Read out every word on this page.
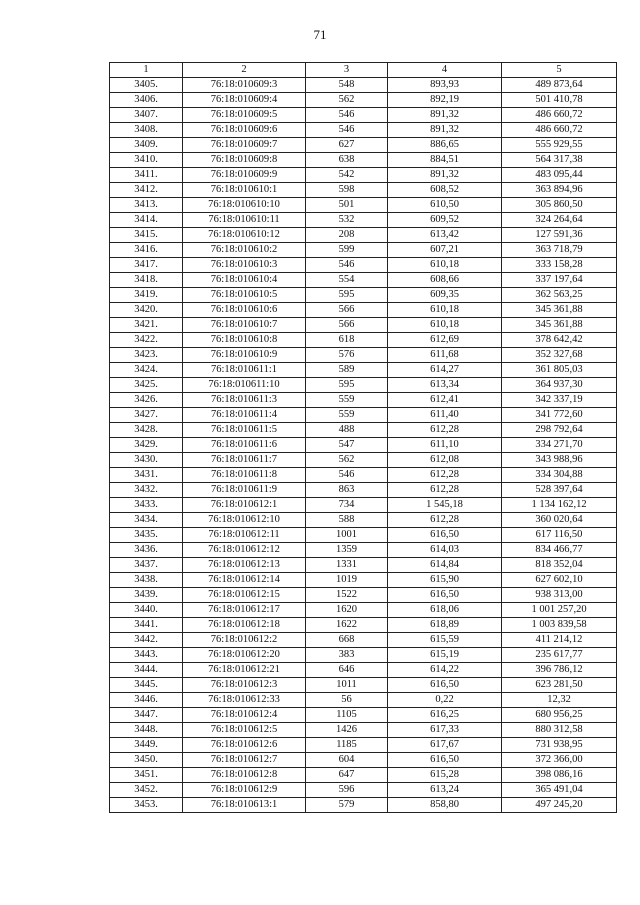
71
1	2	3	4	5
3405.	76:18:010609:3	548	893,93	489 873,64
3406.	76:18:010609:4	562	892,19	501 410,78
3407.	76:18:010609:5	546	891,32	486 660,72
3408.	76:18:010609:6	546	891,32	486 660,72
3409.	76:18:010609:7	627	886,65	555 929,55
3410.	76:18:010609:8	638	884,51	564 317,38
3411.	76:18:010609:9	542	891,32	483 095,44
3412.	76:18:010610:1	598	608,52	363 894,96
3413.	76:18:010610:10	501	610,50	305 860,50
3414.	76:18:010610:11	532	609,52	324 264,64
3415.	76:18:010610:12	208	613,42	127 591,36
3416.	76:18:010610:2	599	607,21	363 718,79
3417.	76:18:010610:3	546	610,18	333 158,28
3418.	76:18:010610:4	554	608,66	337 197,64
3419.	76:18:010610:5	595	609,35	362 563,25
3420.	76:18:010610:6	566	610,18	345 361,88
3421.	76:18:010610:7	566	610,18	345 361,88
3422.	76:18:010610:8	618	612,69	378 642,42
3423.	76:18:010610:9	576	611,68	352 327,68
3424.	76:18:010611:1	589	614,27	361 805,03
3425.	76:18:010611:10	595	613,34	364 937,30
3426.	76:18:010611:3	559	612,41	342 337,19
3427.	76:18:010611:4	559	611,40	341 772,60
3428.	76:18:010611:5	488	612,28	298 792,64
3429.	76:18:010611:6	547	611,10	334 271,70
3430.	76:18:010611:7	562	612,08	343 988,96
3431.	76:18:010611:8	546	612,28	334 304,88
3432.	76:18:010611:9	863	612,28	528 397,64
3433.	76:18:010612:1	734	1 545,18	1 134 162,12
3434.	76:18:010612:10	588	612,28	360 020,64
3435.	76:18:010612:11	1001	616,50	617 116,50
3436.	76:18:010612:12	1359	614,03	834 466,77
3437.	76:18:010612:13	1331	614,84	818 352,04
3438.	76:18:010612:14	1019	615,90	627 602,10
3439.	76:18:010612:15	1522	616,50	938 313,00
3440.	76:18:010612:17	1620	618,06	1 001 257,20
3441.	76:18:010612:18	1622	618,89	1 003 839,58
3442.	76:18:010612:2	668	615,59	411 214,12
3443.	76:18:010612:20	383	615,19	235 617,77
3444.	76:18:010612:21	646	614,22	396 786,12
3445.	76:18:010612:3	1011	616,50	623 281,50
3446.	76:18:010612:33	56	0,22	12,32
3447.	76:18:010612:4	1105	616,25	680 956,25
3448.	76:18:010612:5	1426	617,33	880 312,58
3449.	76:18:010612:6	1185	617,67	731 938,95
3450.	76:18:010612:7	604	616,50	372 366,00
3451.	76:18:010612:8	647	615,28	398 086,16
3452.	76:18:010612:9	596	613,24	365 491,04
3453.	76:18:010613:1	579	858,80	497 245,20
